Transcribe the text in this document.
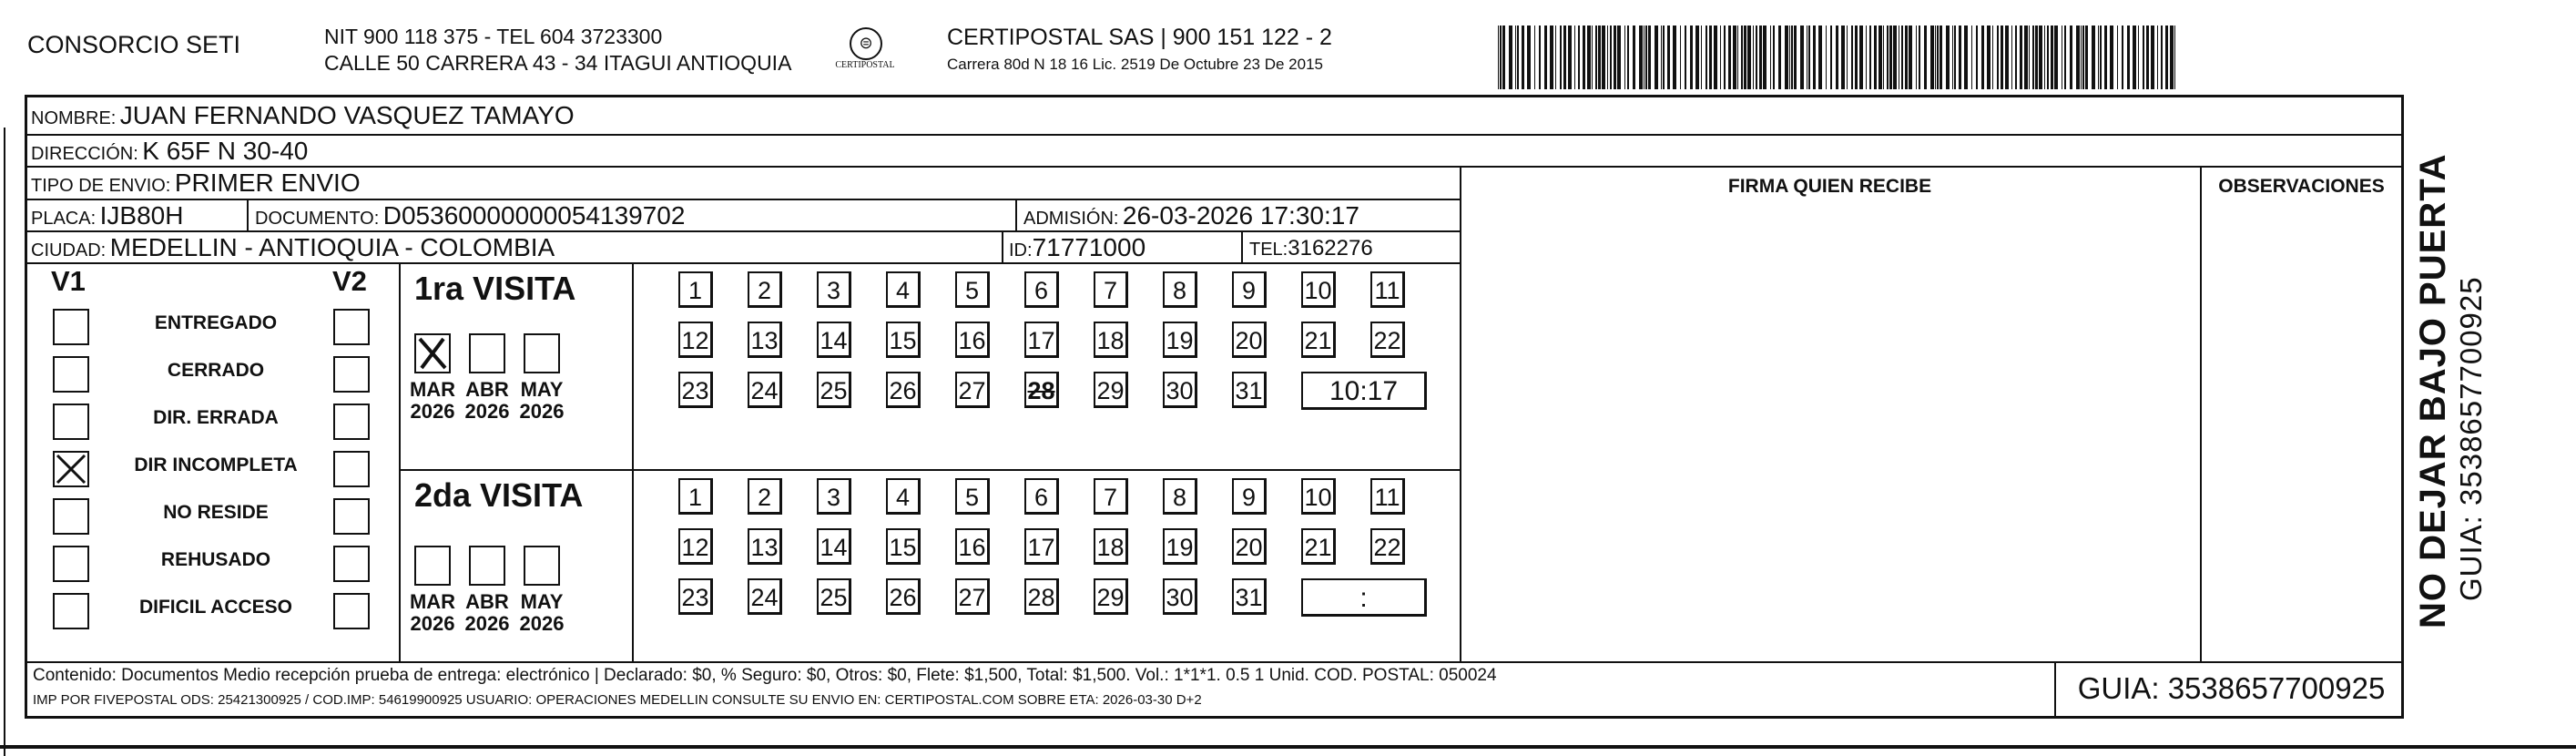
CONSORCIO SETI	NIT 900 118 375 - TEL 604 3723300
CALLE 50 CARRERA 43 - 34 ITAGUI ANTIOQUIA
⊜
CERTIPOSTAL
CERTIPOSTAL SAS | 900 151 122 - 2
Carrera 80d N 18 16 Lic. 2519 De Octubre 23 De 2015
NOMBRE: JUAN FERNANDO VASQUEZ TAMAYO
DIRECCIÓN: K 65F N 30-40
TIPO DE ENVIO: PRIMER ENVIO
PLACA: IJB80H	DOCUMENTO: D05360000000054139702	ADMISIÓN: 26-03-2026 17:30:17
CIUDAD: MEDELLIN - ANTIOQUIA - COLOMBIA	ID:71771000	TEL:3162276
FIRMA QUIEN RECIBE	OBSERVACIONES
V1	V2
ENTREGADO
CERRADO
DIR. ERRADA
DIR INCOMPLETA
NO RESIDE
REHUSADO
DIFICIL ACCESO
1ra VISITA
MAR
2026
ABR
2026
MAY
2026
1	2	3	4	5	6	7	8	9	10 11
12 13 14 15 16 17 18 19 20 21 22
23 24 25 26 27 28 29 30 31	10:17
2da VISITA
MAR
2026
ABR
2026
MAY
2026
1	2	3	4	5	6	7	8	9	10 11
12 13 14 15 16 17 18 19 20 21 22
23 24 25 26 27 28 29 30 31	:
Contenido: Documentos Medio recepción prueba de entrega: electrónico | Declarado: $0, % Seguro: $0, Otros: $0, Flete: $1,500, Total: $1,500. Vol.: 1*1*1. 0.5 1 Unid. COD. POSTAL: 050024
IMP POR FIVEPOSTAL ODS: 25421300925 / COD.IMP: 54619900925 USUARIO: OPERACIONES MEDELLIN CONSULTE SU ENVIO EN: CERTIPOSTAL.COM SOBRE ETA: 2026-03-30 D+2	GUIA: 3538657700925
NO DEJAR BAJO PUERTA GUIA: 3538657700925
